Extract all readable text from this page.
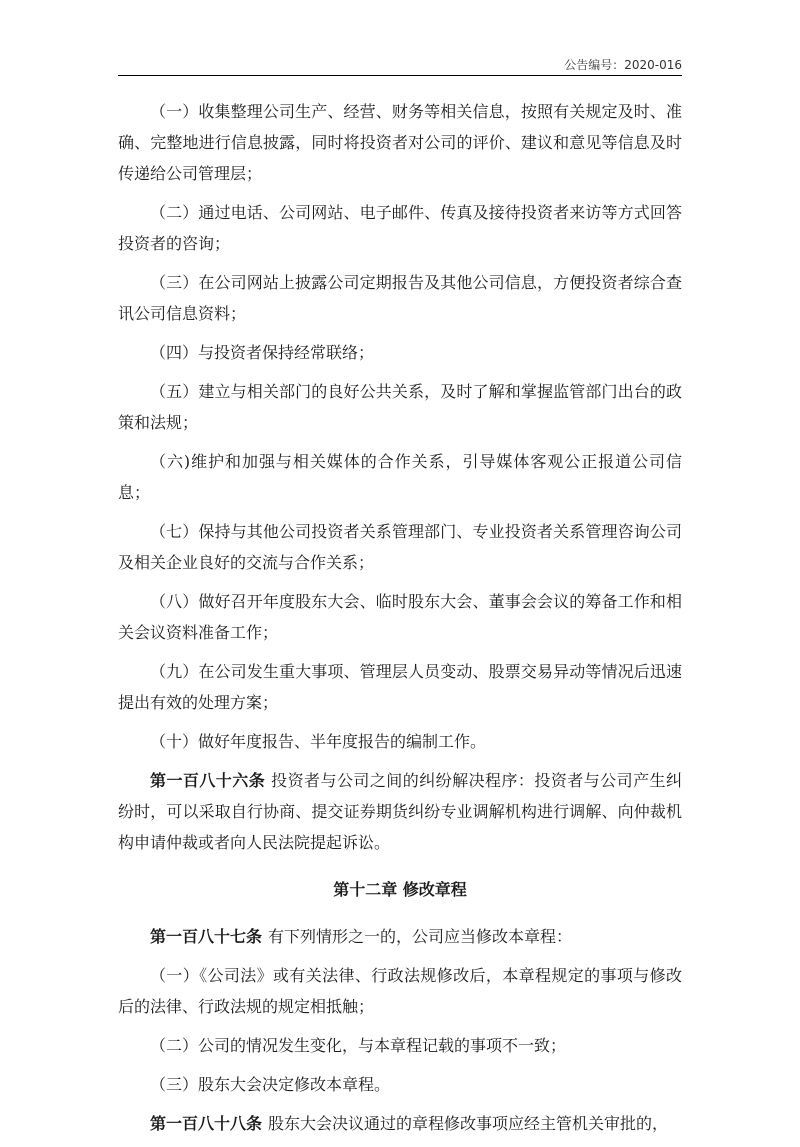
公告编号：2020-016

（一）收集整理公司生产、经营、财务等相关信息，按照有关规定及时、准确、完整地进行信息披露，同时将投资者对公司的评价、建议和意见等信息及时传递给公司管理层；

（二）通过电话、公司网站、电子邮件、传真及接待投资者来访等方式回答投资者的咨询；

（三）在公司网站上披露公司定期报告及其他公司信息，方便投资者综合查讯公司信息资料；

（四）与投资者保持经常联络；

（五）建立与相关部门的良好公共关系，及时了解和掌握监管部门出台的政策和法规；

（六)维护和加强与相关媒体的合作关系，引导媒体客观公正报道公司信息；

（七）保持与其他公司投资者关系管理部门、专业投资者关系管理咨询公司及相关企业良好的交流与合作关系；

（八）做好召开年度股东大会、临时股东大会、董事会会议的筹备工作和相关会议资料准备工作；

（九）在公司发生重大事项、管理层人员变动、股票交易异动等情况后迅速提出有效的处理方案；

（十）做好年度报告、半年度报告的编制工作。

第一百八十六条 投资者与公司之间的纠纷解决程序：投资者与公司产生纠纷时，可以采取自行协商、提交证券期货纠纷专业调解机构进行调解、向仲裁机构申请仲裁或者向人民法院提起诉讼。

第十二章 修改章程

第一百八十七条 有下列情形之一的，公司应当修改本章程：

（一）《公司法》或有关法律、行政法规修改后，本章程规定的事项与修改后的法律、行政法规的规定相抵触；

（二）公司的情况发生变化，与本章程记载的事项不一致；

（三）股东大会决定修改本章程。

第一百八十八条 股东大会决议通过的章程修改事项应经主管机关审批的，
